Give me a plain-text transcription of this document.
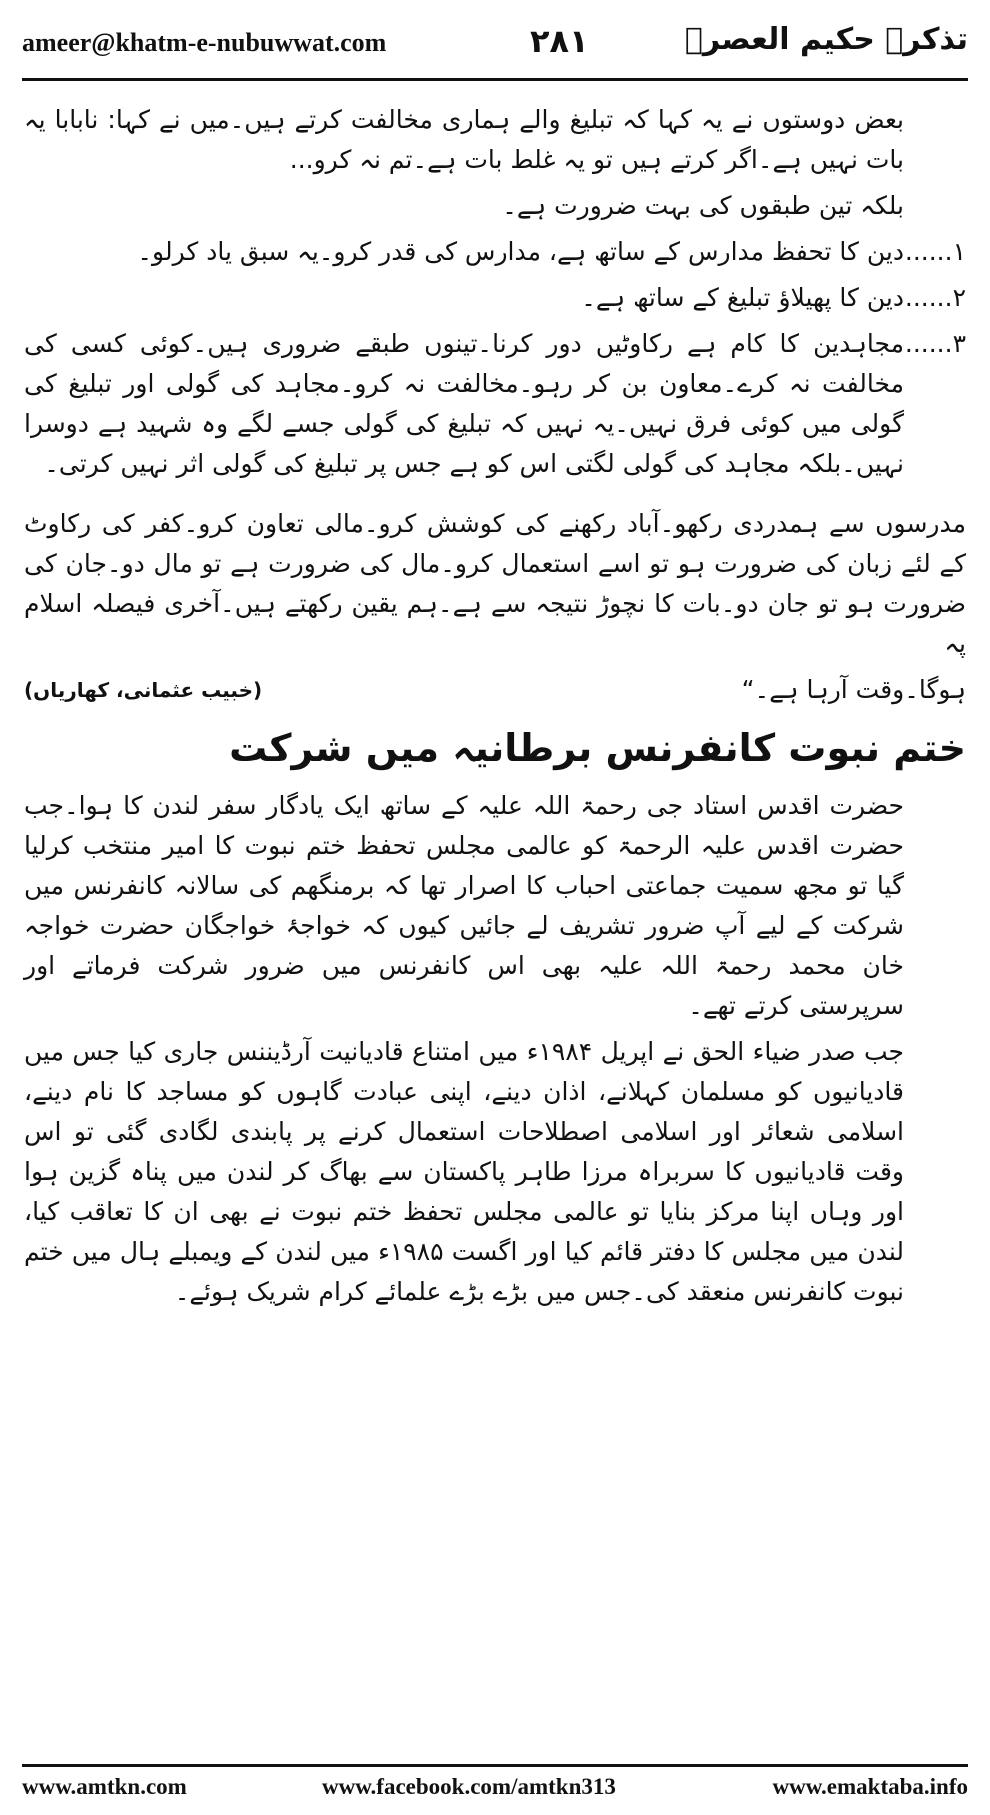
ameer@khatm-e-nubuwwat.com	۲۸۱	تذکرہ حکیم العصرؒ

بعض دوستوں نے یہ کہا کہ تبلیغ والے ہماری مخالفت کرتے ہیں۔میں نے کہا: نابابا یہ بات نہیں ہے۔اگر کرتے ہیں تو یہ غلط بات ہے۔تم نہ کرو...

بلکہ تین طبقوں کی بہت ضرورت ہے۔

۱......
دین کا تحفظ مدارس کے ساتھ ہے، مدارس کی قدر کرو۔یہ سبق یاد کرلو۔
۲......
دین کا پھیلاؤ تبلیغ کے ساتھ ہے۔
۳......
مجاہدین کا کام ہے رکاوٹیں دور کرنا۔تینوں طبقے ضروری ہیں۔کوئی کسی کی مخالفت نہ کرے۔معاون بن کر رہو۔مخالفت نہ کرو۔مجاہد کی گولی اور تبلیغ کی گولی میں کوئی فرق نہیں۔یہ نہیں کہ تبلیغ کی گولی جسے لگے وہ شہید ہے دوسرا نہیں۔بلکہ مجاہد کی گولی لگتی اس کو ہے جس پر تبلیغ کی گولی اثر نہیں کرتی۔

مدرسوں سے ہمدردی رکھو۔آباد رکھنے کی کوشش کرو۔مالی تعاون کرو۔کفر کی رکاوٹ کے لئے زبان کی ضرورت ہو تو اسے استعمال کرو۔مال کی ضرورت ہے تو مال دو۔جان کی ضرورت ہو تو جان دو۔بات کا نچوڑ نتیجہ سے ہے۔ہم یقین رکھتے ہیں۔آخری فیصلہ اسلام پہ

ہوگا۔وقت آرہا ہے۔“
(خبیب عثمانی، کھاریاں)
ختم نبوت کانفرنس برطانیہ میں شرکت

حضرت اقدس استاد جی رحمۃ اللہ علیہ کے ساتھ ایک یادگار سفر لندن کا ہوا۔جب حضرت اقدس علیہ الرحمۃ کو عالمی مجلس تحفظ ختم نبوت کا امیر منتخب کرلیا گیا تو مجھ سمیت جماعتی احباب کا اصرار تھا کہ برمنگھم کی سالانہ کانفرنس میں شرکت کے لیے آپ ضرور تشریف لے جائیں کیوں کہ خواجۂ خواجگان حضرت خواجہ خان محمد رحمۃ اللہ علیہ بھی اس کانفرنس میں ضرور شرکت فرماتے اور سرپرستی کرتے تھے۔

جب صدر ضیاء الحق نے اپریل ۱۹۸۴ء میں امتناع قادیانیت آرڈیننس جاری کیا جس میں قادیانیوں کو مسلمان کہلانے، اذان دینے، اپنی عبادت گاہوں کو مساجد کا نام دینے، اسلامی شعائر اور اسلامی اصطلاحات استعمال کرنے پر پابندی لگادی گئی تو اس وقت قادیانیوں کا سربراہ مرزا طاہر پاکستان سے بھاگ کر لندن میں پناہ گزین ہوا اور وہاں اپنا مرکز بنایا تو عالمی مجلس تحفظ ختم نبوت نے بھی ان کا تعاقب کیا، لندن میں مجلس کا دفتر قائم کیا اور اگست ۱۹۸۵ء میں لندن کے ویمبلے ہال میں ختم نبوت کانفرنس منعقد کی۔جس میں بڑے بڑے علمائے کرام شریک ہوئے۔

www.amtkn.com	www.facebook.com/amtkn313	www.emaktaba.info
